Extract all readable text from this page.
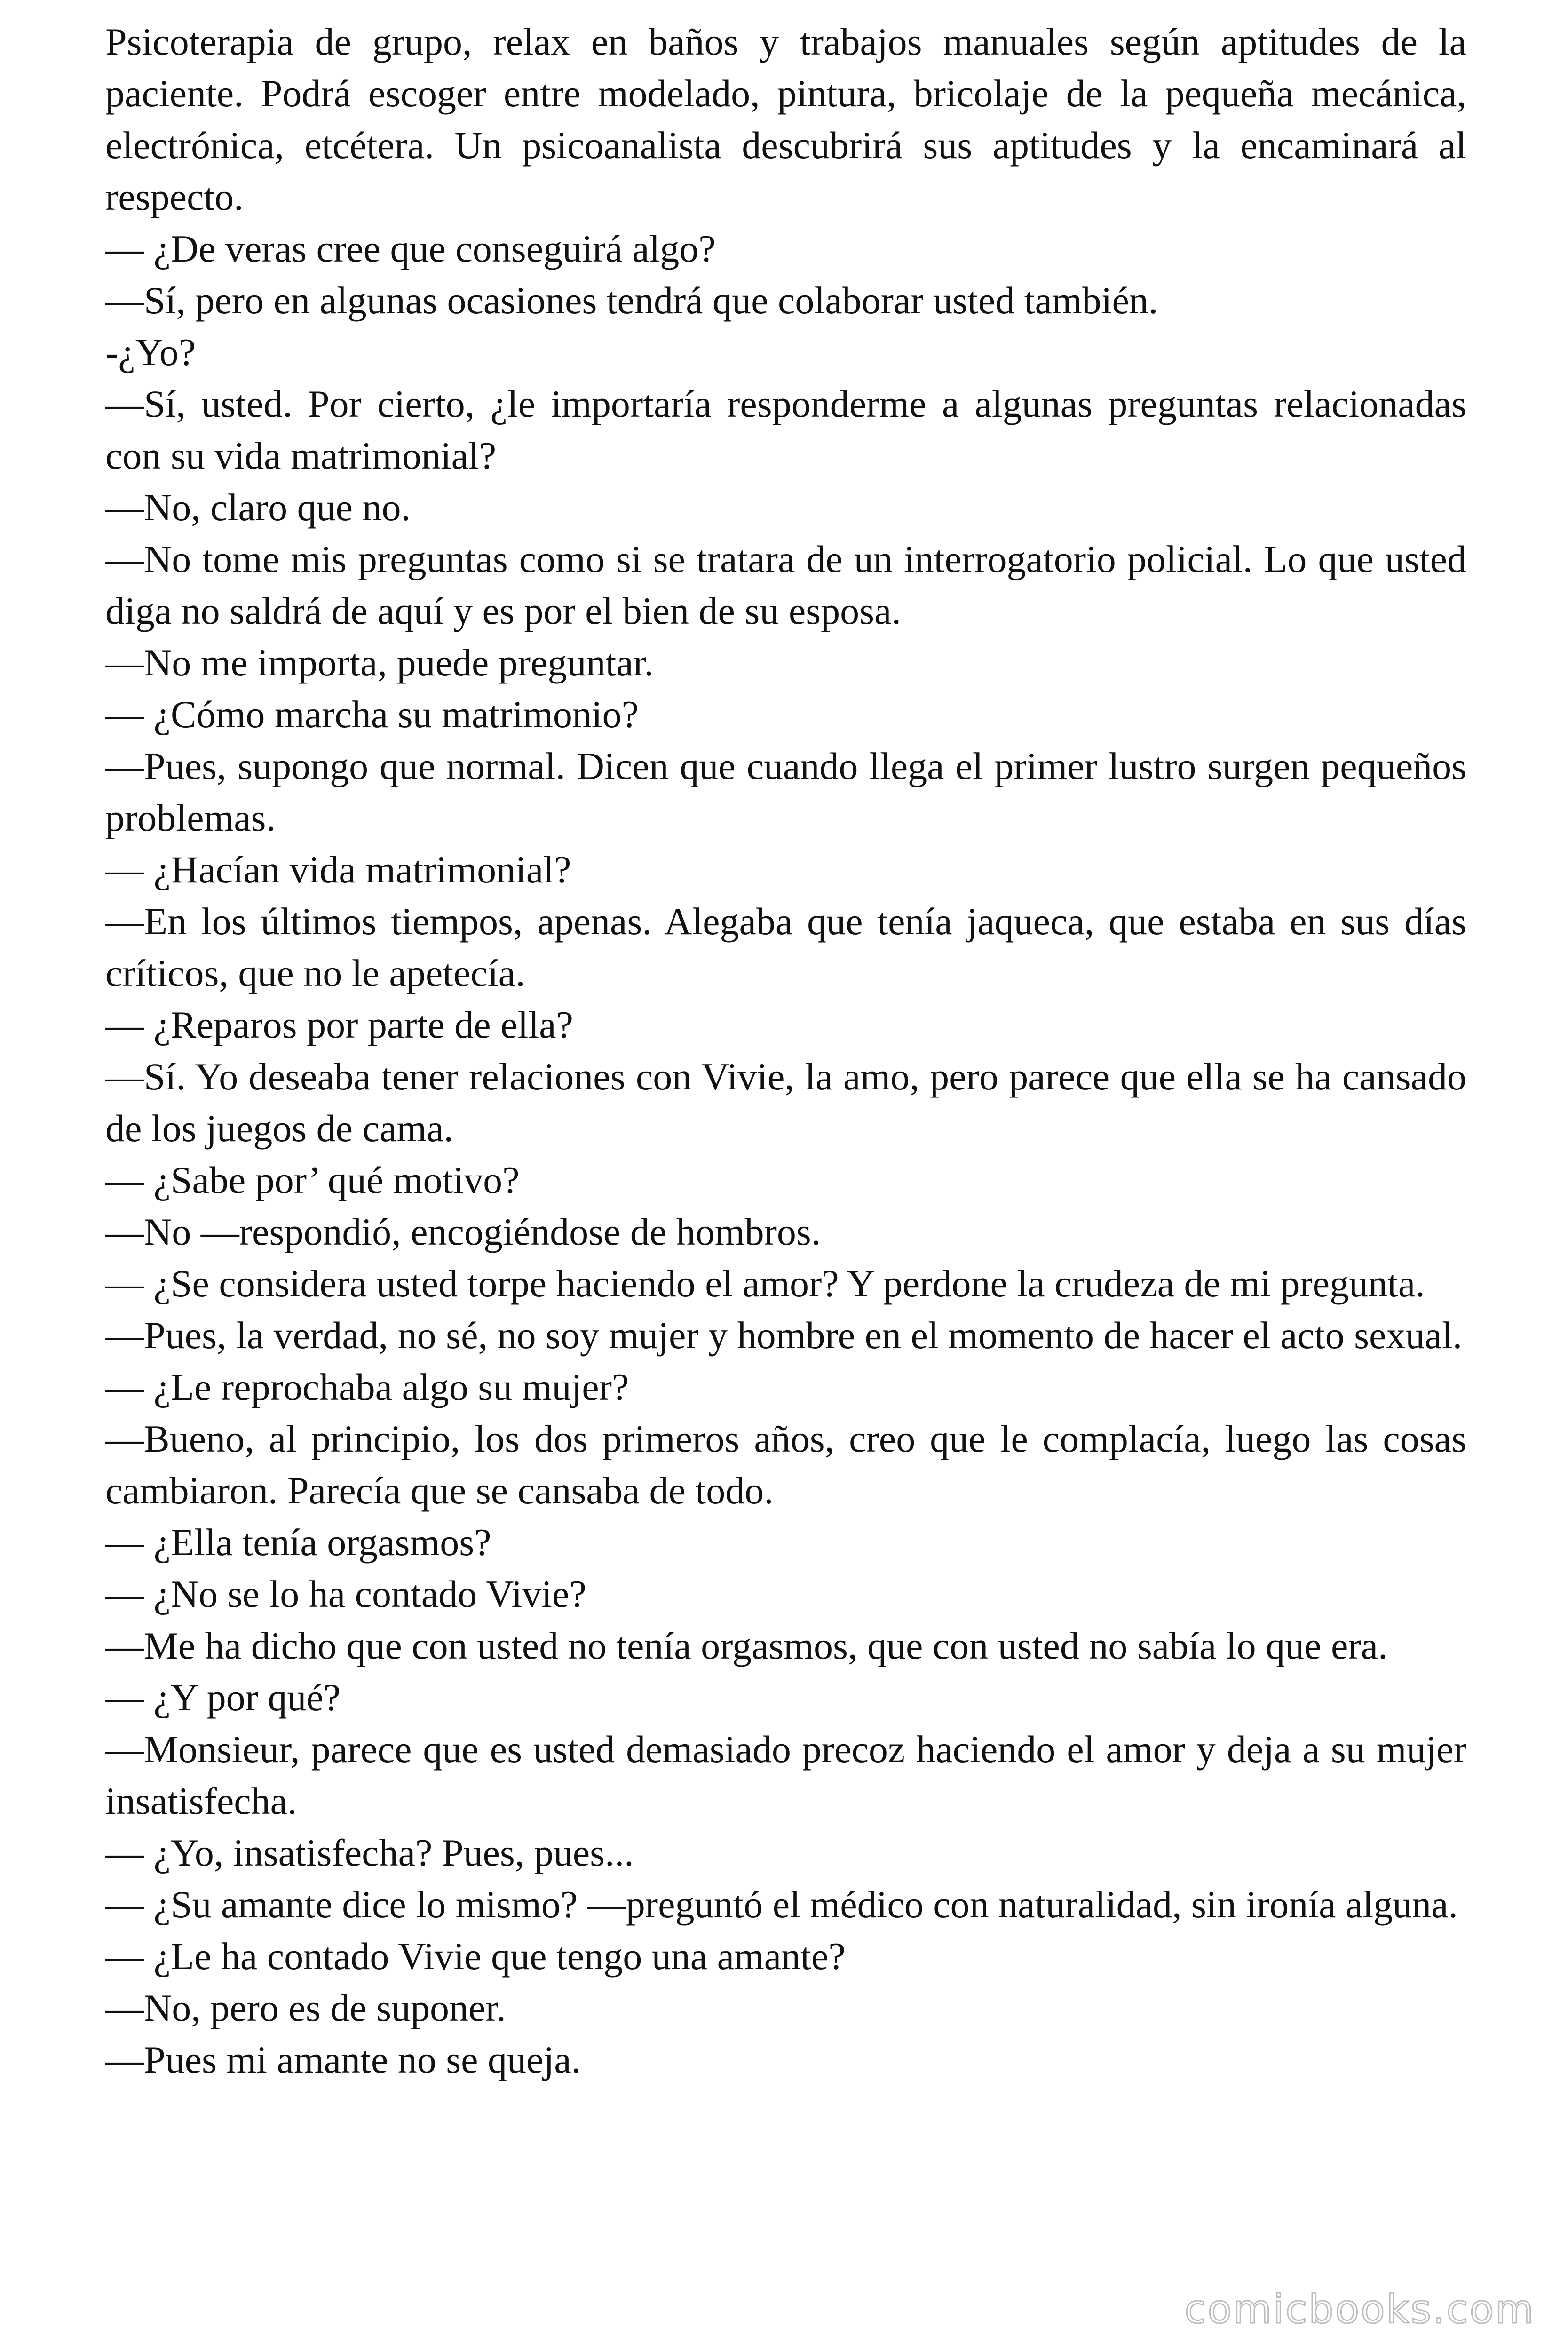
Psicoterapia de grupo, relax en baños y trabajos manuales según aptitudes de la paciente. Podrá escoger entre modelado, pintura, bricolaje de la pequeña mecánica, electrónica, etcétera. Un psicoanalista descubrirá sus aptitudes y la encaminará al respecto.

— ¿De veras cree que conseguirá algo?

—Sí, pero en algunas ocasiones tendrá que colaborar usted también.

-¿Yo?

—Sí, usted. Por cierto, ¿le importaría responderme a algunas preguntas relacionadas con su vida matrimonial?

—No, claro que no.

—No tome mis preguntas como si se tratara de un interrogatorio policial. Lo que usted diga no saldrá de aquí y es por el bien de su esposa.

—No me importa, puede preguntar.

— ¿Cómo marcha su matrimonio?

—Pues, supongo que normal. Dicen que cuando llega el primer lustro surgen pequeños problemas.

— ¿Hacían vida matrimonial?

—En los últimos tiempos, apenas. Alegaba que tenía jaqueca, que estaba en sus días críticos, que no le apetecía.

— ¿Reparos por parte de ella?

—Sí. Yo deseaba tener relaciones con Vivie, la amo, pero parece que ella se ha cansado de los juegos de cama.

— ¿Sabe por’ qué motivo?

—No —respondió, encogiéndose de hombros.

— ¿Se considera usted torpe haciendo el amor? Y perdone la crudeza de mi pregunta.

—Pues, la verdad, no sé, no soy mujer y hombre en el momento de hacer el acto sexual.

— ¿Le reprochaba algo su mujer?

—Bueno, al principio, los dos primeros años, creo que le complacía, luego las cosas cambiaron. Parecía que se cansaba de todo.

— ¿Ella tenía orgasmos?

— ¿No se lo ha contado Vivie?

—Me ha dicho que con usted no tenía orgasmos, que con usted no sabía lo que era.

— ¿Y por qué?

—Monsieur, parece que es usted demasiado precoz haciendo el amor y deja a su mujer insatisfecha.

— ¿Yo, insatisfecha? Pues, pues...

— ¿Su amante dice lo mismo? —preguntó el médico con naturalidad, sin ironía alguna.

— ¿Le ha contado Vivie que tengo una amante?

—No, pero es de suponer.

—Pues mi amante no se queja.

comicbooks.com
